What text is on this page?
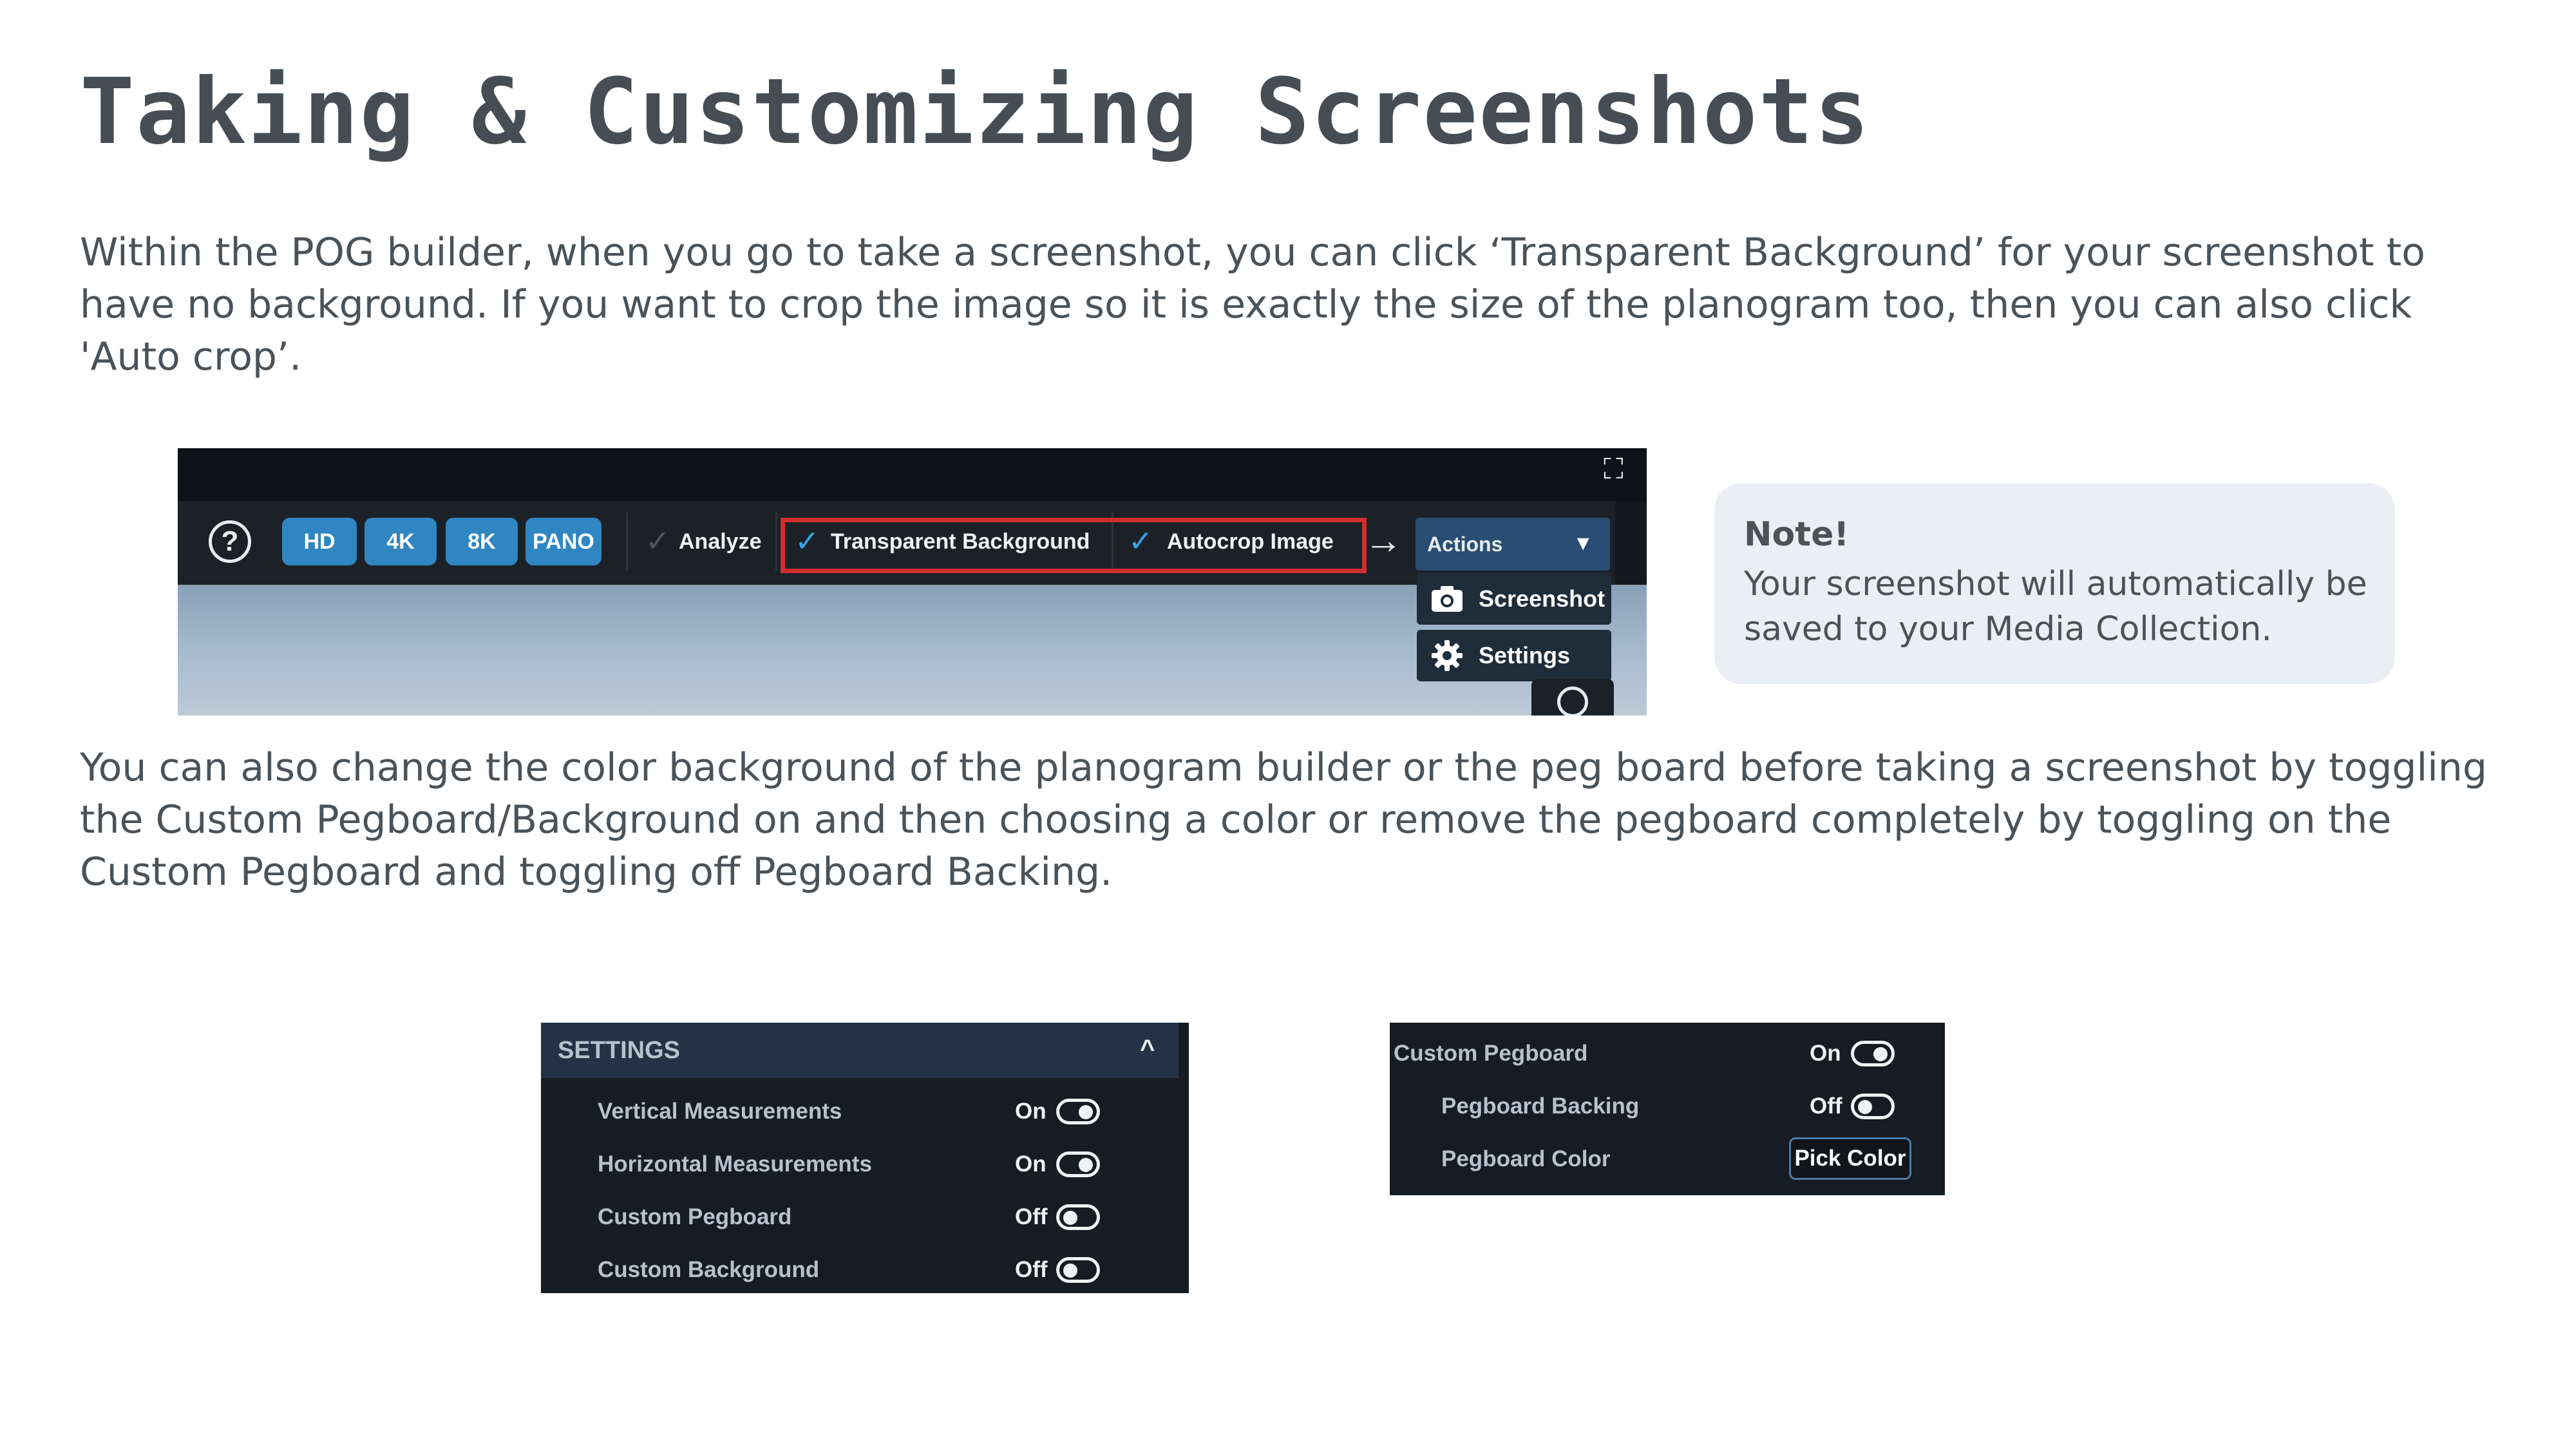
Taking & Customizing Screenshots
Within the POG builder, when you go to take a screenshot, you can click ‘Transparent Background’ for your screenshot to have no background. If you want to crop the image so it is exactly the size of the planogram too, then you can also click 'Auto crop’.
⛶
?	HD	4K	8K	PANO ✓ Analyze ✓ Transparent Background ✓ Autocrop Image → Actions	▼
Screenshot
Settings
Note!
Your screenshot will automatically be saved to your Media Collection.
You can also change the color background of the planogram builder or the peg board before taking a screenshot by toggling the Custom Pegboard/Background on and then choosing a color or remove the pegboard completely by toggling on the Custom Pegboard and toggling off Pegboard Backing.
SETTINGS	^
Vertical Measurements	On
Horizontal Measurements	On
Custom Pegboard	Off
Custom Background	Off
Custom Pegboard	On
Pegboard Backing	Off
Pegboard Color	Pick Color
